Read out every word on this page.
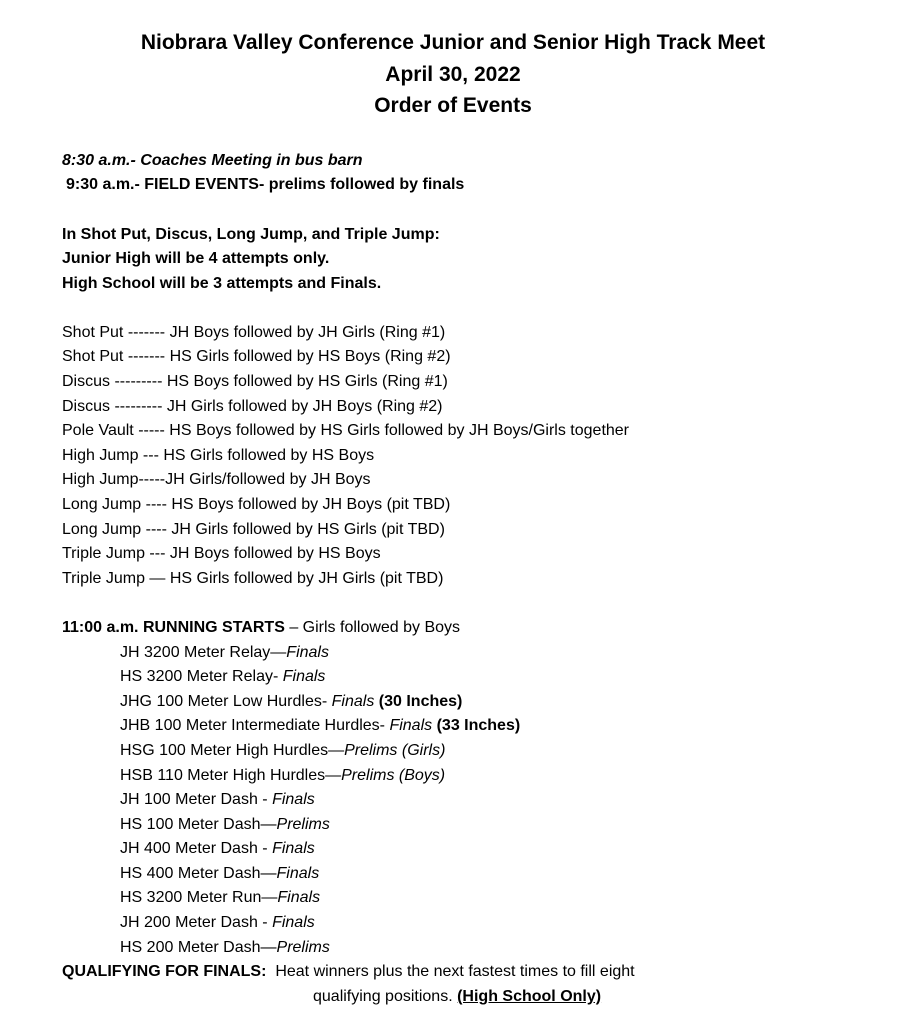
Niobrara Valley Conference Junior and Senior High Track Meet
April 30, 2022
Order of Events
8:30 a.m.- Coaches Meeting in bus barn
9:30 a.m.- FIELD EVENTS- prelims followed by finals
In Shot Put, Discus, Long Jump, and Triple Jump:
Junior High will be 4 attempts only.
High School will be 3 attempts and Finals.
Shot Put ------- JH Boys followed by JH Girls (Ring #1)
Shot Put ------- HS Girls followed by HS Boys (Ring #2)
Discus --------- HS Boys followed by HS Girls (Ring #1)
Discus --------- JH Girls followed by JH Boys (Ring #2)
Pole Vault ----- HS Boys followed by HS Girls followed by JH Boys/Girls together
High Jump --- HS Girls followed by HS Boys
High Jump-----JH Girls/followed by JH Boys
Long Jump ---- HS Boys followed by JH Boys (pit TBD)
Long Jump ---- JH Girls followed by HS Girls (pit TBD)
Triple Jump --- JH Boys followed by HS Boys
Triple Jump — HS Girls followed by JH Girls (pit TBD)
11:00 a.m. RUNNING STARTS – Girls followed by Boys
JH 3200 Meter Relay—Finals
HS 3200 Meter Relay- Finals
JHG 100 Meter Low Hurdles- Finals (30 Inches)
JHB 100 Meter Intermediate Hurdles- Finals (33 Inches)
HSG 100 Meter High Hurdles—Prelims (Girls)
HSB 110 Meter High Hurdles—Prelims (Boys)
JH 100 Meter Dash - Finals
HS 100 Meter Dash—Prelims
JH 400 Meter Dash - Finals
HS 400 Meter Dash—Finals
HS 3200 Meter Run—Finals
JH 200 Meter Dash - Finals
HS 200 Meter Dash—Prelims
QUALIFYING FOR FINALS:  Heat winners plus the next fastest times to fill eight
qualifying positions. (High School Only)
